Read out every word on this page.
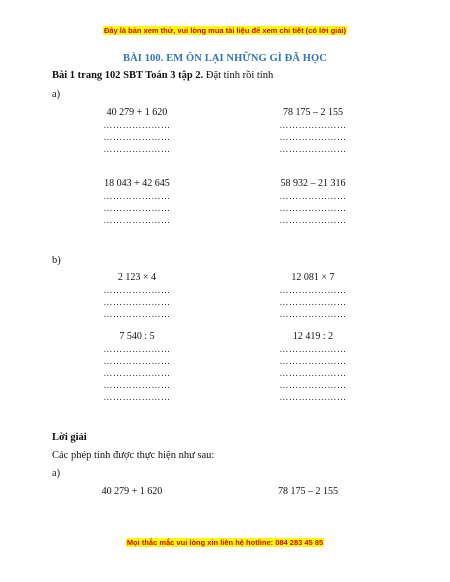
Đây là bản xem thử, vui lòng mua tài liệu để xem chi tiết (có lời giải)
BÀI 100. EM ÔN LẠI NHỮNG GÌ ĐÃ HỌC
Bài 1 trang 102 SBT Toán 3 tập 2. Đặt tính rồi tính
a)
40 279 + 1 620	78 175 – 2 155
…………………
…………………
…………………
…………………
…………………
…………………
18 043 + 42 645	58 932 – 21 316
…………………
…………………
…………………
…………………
…………………
…………………
b)
2 123 × 4	12 081 × 7
…………………
…………………
…………………
…………………
…………………
…………………
7 540 : 5	12 419 : 2
…………………
…………………
…………………
…………………
…………………
…………………
…………………
…………………
…………………
…………………
Lời giải
Các phép tính được thực hiện như sau:
a)
40 279 + 1 620	78 175 – 2 155
Mọi thắc mắc vui lòng xin liên hệ hotline: 084 283 45 85
